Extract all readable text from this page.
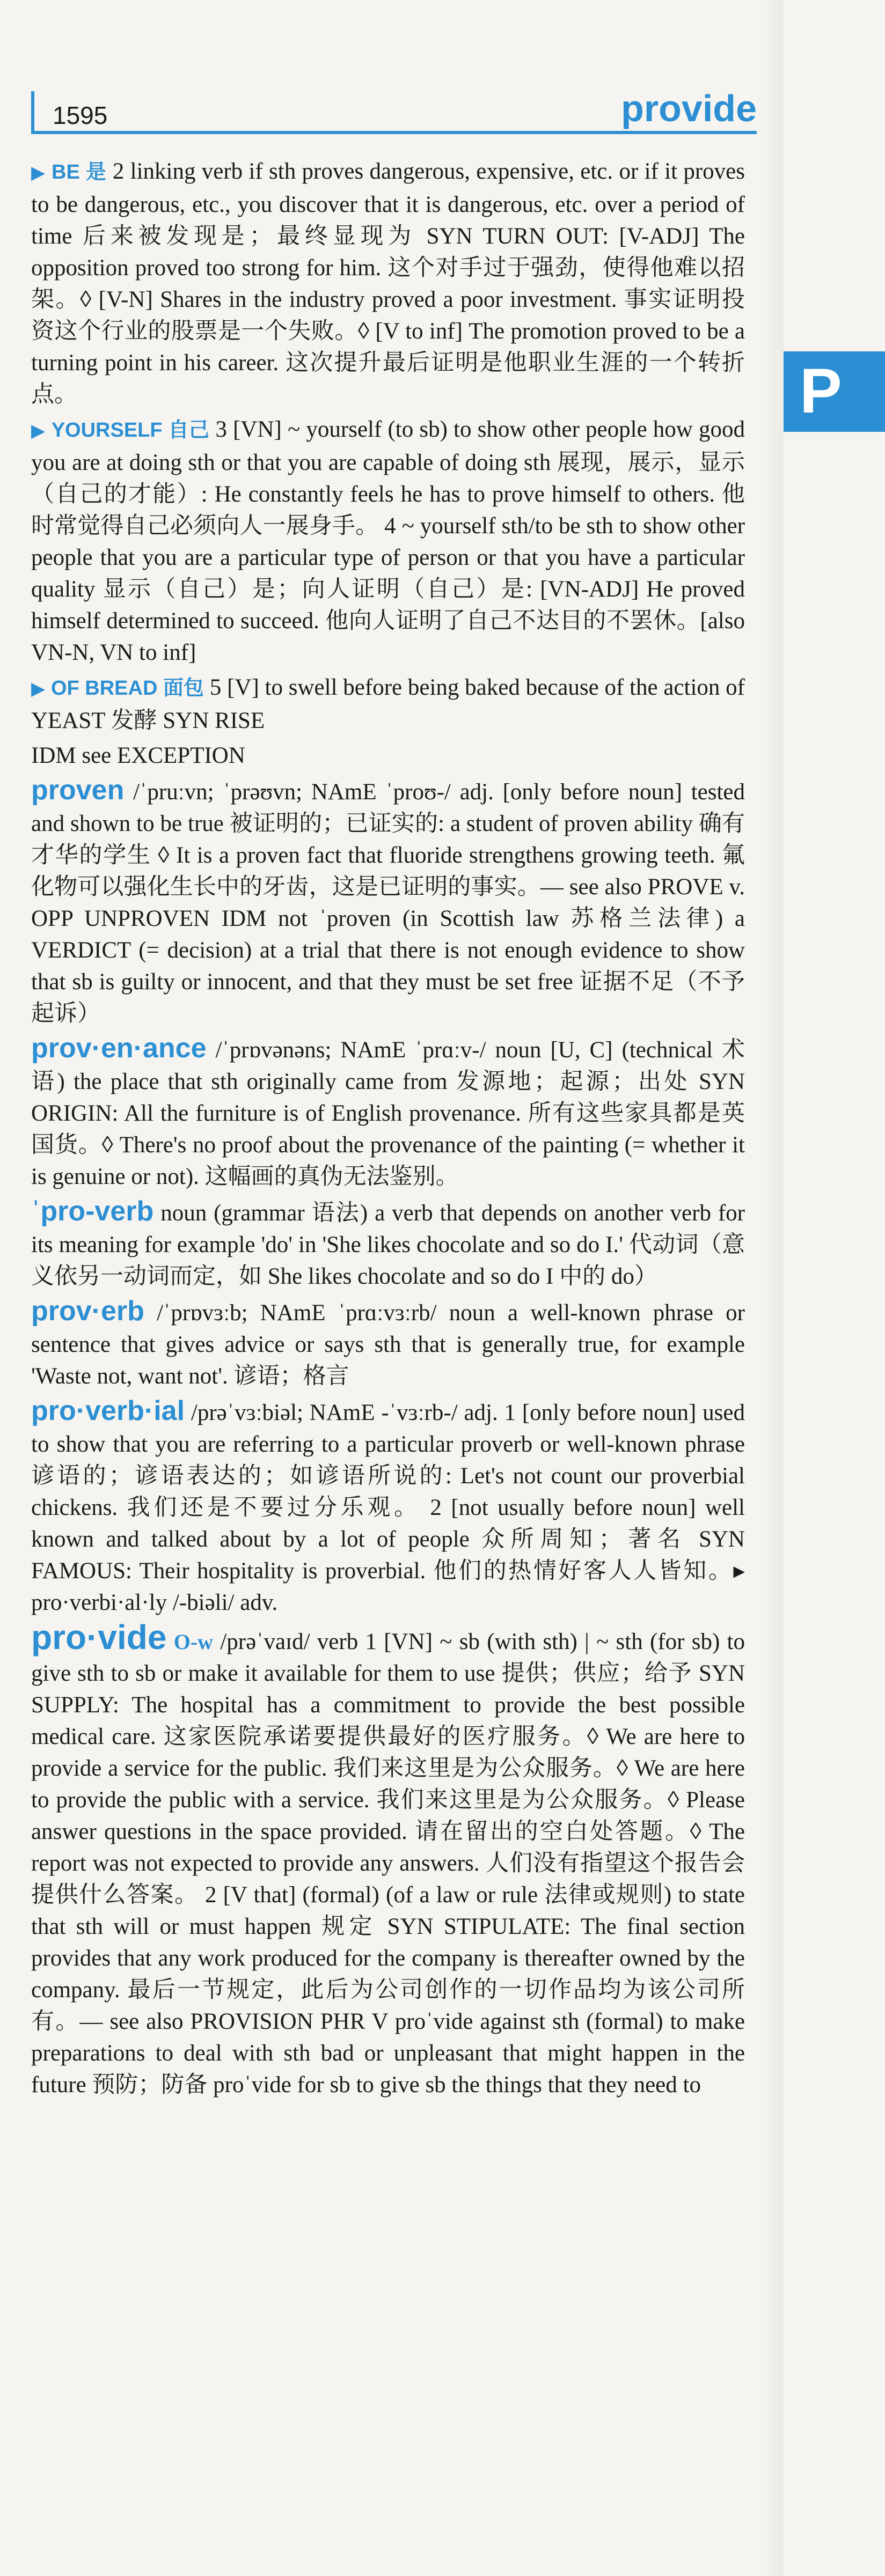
1595	provide
P

▶ BE 是 2 linking verb if sth proves dangerous, expensive, etc. or if it proves to be dangerous, etc., you discover that it is dangerous, etc. over a period of time 后来被发现是；最终显现为 SYN TURN OUT: [V-ADJ] The opposition proved too strong for him. 这个对手过于强劲，使得他难以招架。◊ [V-N] Shares in the industry proved a poor investment. 事实证明投资这个行业的股票是一个失败。◊ [V to inf] The promotion proved to be a turning point in his career. 这次提升最后证明是他职业生涯的一个转折点。

▶ YOURSELF 自己 3 [VN] ~ yourself (to sb) to show other people how good you are at doing sth or that you are capable of doing sth 展现，展示，显示（自己的才能）: He constantly feels he has to prove himself to others. 他时常觉得自己必须向人一展身手。 4 ~ yourself sth/to be sth to show other people that you are a particular type of person or that you have a particular quality 显示（自己）是；向人证明（自己）是: [VN-ADJ] He proved himself determined to succeed. 他向人证明了自己不达目的不罢休。[also VN-N, VN to inf]

▶ OF BREAD 面包 5 [V] to swell before being baked because of the action of YEAST 发酵 SYN RISE

IDM see EXCEPTION

proven /ˈpruːvn; ˈprəʊvn; NAmE ˈproʊ-/ adj. [only before noun] tested and shown to be true 被证明的；已证实的: a student of proven ability 确有才华的学生 ◊ It is a proven fact that fluoride strengthens growing teeth. 氟化物可以强化生长中的牙齿，这是已证明的事实。— see also PROVE v. OPP UNPROVEN IDM not ˈproven (in Scottish law 苏格兰法律) a VERDICT (= decision) at a trial that there is not enough evidence to show that sb is guilty or innocent, and that they must be set free 证据不足（不予起诉）

prov·en·ance /ˈprɒvənəns; NAmE ˈprɑːv-/ noun [U, C] (technical 术语) the place that sth originally came from 发源地；起源；出处 SYN ORIGIN: All the furniture is of English provenance. 所有这些家具都是英国货。◊ There's no proof about the provenance of the painting (= whether it is genuine or not). 这幅画的真伪无法鉴别。

ˈpro-verb noun (grammar 语法) a verb that depends on another verb for its meaning for example 'do' in 'She likes chocolate and so do I.' 代动词（意义依另一动词而定，如 She likes chocolate and so do I 中的 do）

prov·erb /ˈprɒvɜːb; NAmE ˈprɑːvɜːrb/ noun a well-known phrase or sentence that gives advice or says sth that is generally true, for example 'Waste not, want not'. 谚语；格言

pro·verb·ial /prəˈvɜːbiəl; NAmE -ˈvɜːrb-/ adj. 1 [only before noun] used to show that you are referring to a particular proverb or well-known phrase 谚语的；谚语表达的；如谚语所说的: Let's not count our proverbial chickens. 我们还是不要过分乐观。 2 [not usually before noun] well known and talked about by a lot of people 众所周知；著名 SYN FAMOUS: Their hospitality is proverbial. 他们的热情好客人人皆知。▸ pro·verbi·al·ly /-biəli/ adv.

pro·vide O-w /prəˈvaɪd/ verb 1 [VN] ~ sb (with sth) | ~ sth (for sb) to give sth to sb or make it available for them to use 提供；供应；给予 SYN SUPPLY: The hospital has a commitment to provide the best possible medical care. 这家医院承诺要提供最好的医疗服务。◊ We are here to provide a service for the public. 我们来这里是为公众服务。◊ We are here to provide the public with a service. 我们来这里是为公众服务。◊ Please answer questions in the space provided. 请在留出的空白处答题。◊ The report was not expected to provide any answers. 人们没有指望这个报告会提供什么答案。 2 [V that] (formal) (of a law or rule 法律或规则) to state that sth will or must happen 规定 SYN STIPULATE: The final section provides that any work produced for the company is thereafter owned by the company. 最后一节规定，此后为公司创作的一切作品均为该公司所有。— see also PROVISION PHR V proˈvide against sth (formal) to make preparations to deal with sth bad or unpleasant that might happen in the future 预防；防备 proˈvide for sb to give sb the things that they need to
